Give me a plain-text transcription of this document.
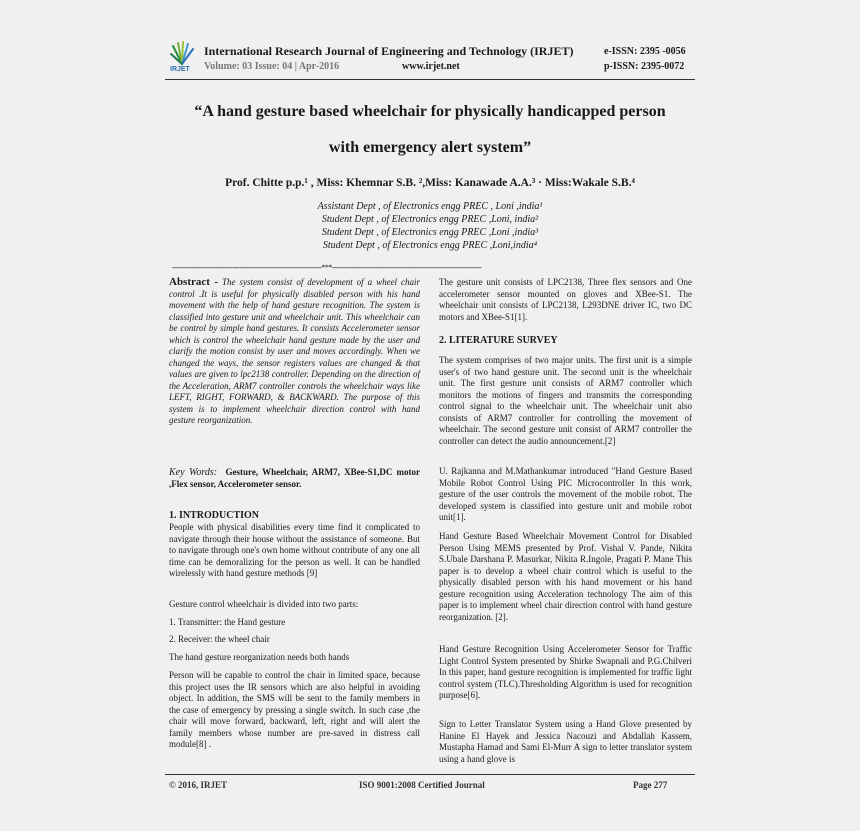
IRJET
International Research Journal of Engineering and Technology (IRJET)
Volume: 03 Issue: 04 | Apr-2016	www.irjet.net
e-ISSN: 2395 -0056
p-ISSN: 2395-0072
“A hand gesture based wheelchair for physically handicapped person
with emergency alert system”
Prof. Chitte p.p.¹ , Miss: Khemnar S.B. ²,Miss: Kanawade A.A.³ · Miss:Wakale S.B.⁴
Assistant Dept , of Electronics engg PREC , Loni ,india¹
Student Dept , of Electronics engg PREC ,Loni, india²
Student Dept , of Electronics engg PREC ,Loni ,india³
Student Dept , of Electronics engg PREC ,Loni,india⁴
---------------------------------------------------------------------***---------------------------------------------------------------------

Abstract - The system consist of development of a wheel chair control .It is useful for physically disabled person with his hand movement with the help of hand gesture recognition. The system is classified into gesture unit and wheelchair unit. This wheelchair can be control by simple hand gestures. It consists Accelerometer sensor which is control the wheelchair hand gesture made by the user and clarify the motion consist by user and moves accordingly. When we changed the ways, the sensor registers values are changed & that values are given to lpc2138 controller. Depending on the direction of the Acceleration, ARM7 controller controls the wheelchair ways like LEFT, RIGHT, FORWARD, & BACKWARD. The purpose of this system is to implement wheelchair direction control with hand gesture reorganization.

Key Words: Gesture, Wheelchair, ARM7, XBee-S1,DC motor ,Flex sensor, Accelerometer sensor.

1. INTRODUCTION
People with physical disabilities every time find it complicated to navigate through their house without the assistance of someone. But to navigate through one's own home without contribute of any one all time can be demoralizing for the person as well. It can be handled wirelessly with hand gesture methods [9]
Gesture control wheelchair is divided into two parts:
1. Transmitter: the Hand gesture
2. Receiver: the wheel chair
The hand gesture reorganization needs both hands
Person will be capable to control the chair in limited space, because this project uses the IR sensors which are also helpful in avoiding object. In addition, the SMS will be sent to the family members in the case of emergency by pressing a single switch. In such case ,the chair will move forward, backward, left, right and will alert the family members whose number are pre-saved in distress call module[8] .
The gesture unit consists of LPC2138, Three flex sensors and One accelerometer sensor mounted on gloves and XBee-S1. The wheelchair unit consists of LPC2138, L293DNE driver IC, two DC motors and XBee-S1[1].
2. LITERATURE SURVEY
The system comprises of two major units. The first unit is a simple user's of two hand gesture unit. The second unit is the wheelchair unit. The first gesture unit consists of ARM7 controller which monitors the motions of fingers and transmits the corresponding control signal to the wheelchair unit. The wheelchair unit also consists of ARM7 controller for controlling the movement of wheelchair. The second gesture unit consist of ARM7 controller the controller can detect the audio announcement.[2]
U. Rajkanna and M.Mathankumar introduced "Hand Gesture Based Mobile Robot Control Using PIC Microcontroller In this work, gesture of the user controls the movement of the mobile robot. The developed system is classified into gesture unit and mobile robot unit[1].
Hand Gesture Based Wheelchair Movement Control for Disabled Person Using MEMS presented by Prof. Vishal V. Pande, Nikita S.Ubale Darshana P. Masurkar, Nikita R.Ingole, Pragati P. Mane This paper is to develop a wheel chair control which is useful to the physically disabled person with his hand movement or his hand gesture recognition using Acceleration technology The aim of this paper is to implement wheel chair direction control with hand gesture reorganization. [2].
Hand Gesture Recognition Using Accelerometer Sensor for Traffic Light Control System presented by Shirke Swapnali and P.G.Chilveri In this paper, hand gesture recognition is implemented for traffic light control system (TLC).Thresholding Algorithm is used for recognition purpose[6].
Sign to Letter Translator System using a Hand Glove presented by Hanine El Hayek and Jessica Nacouzi and Abdallah Kassem, Mustapha Hamad and Sami El-Murr A sign to letter translator system using a hand glove is
© 2016, IRJET	ISO 9001:2008 Certified Journal	Page 277
